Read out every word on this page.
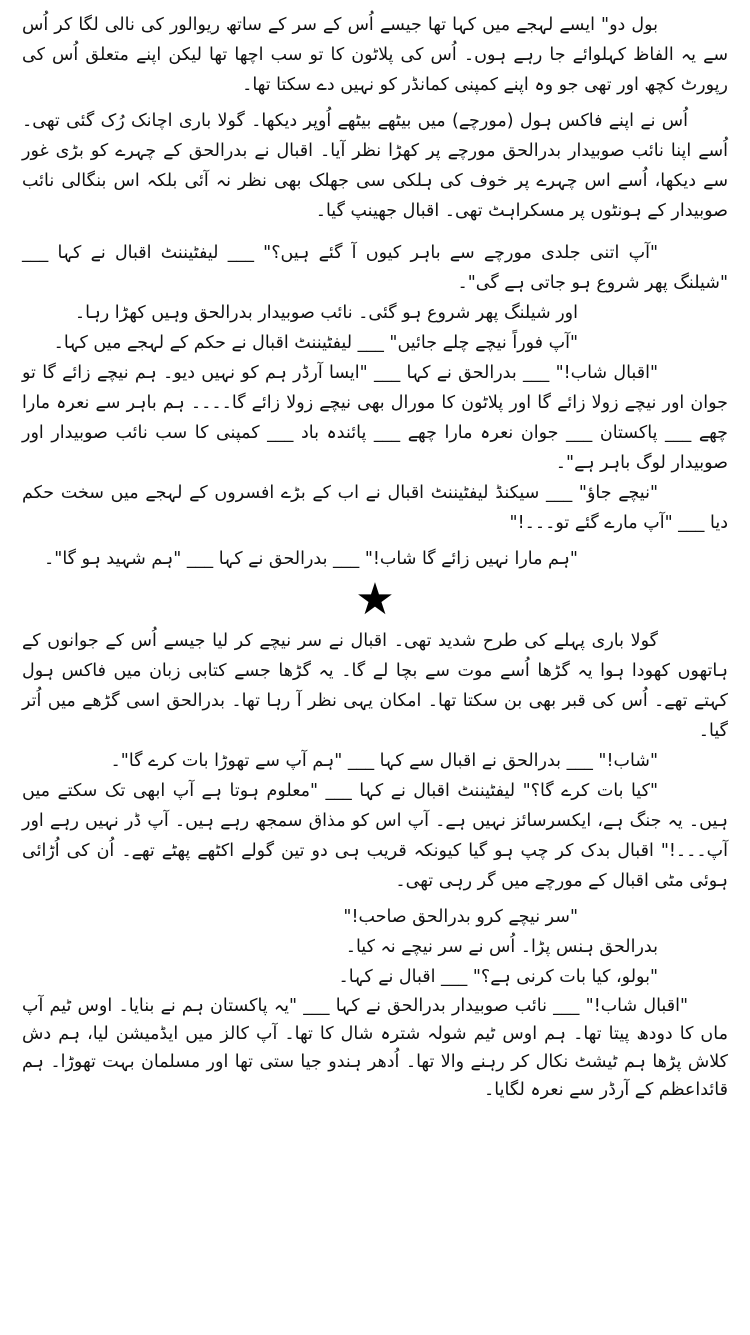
بول دو" ایسے لہجے میں کہا تھا جیسے اُس کے سر کے ساتھ ریوالور کی نالی لگا کر اُس سے یہ الفاظ کہلوائے جا رہے ہوں۔ اُس کی پلاٹون کا تو سب اچھا تھا لیکن اپنے متعلق اُس کی رپورٹ کچھ اور تھی جو وہ اپنے کمپنی کمانڈر کو نہیں دے سکتا تھا۔

اُس نے اپنے فاکس ہول (مورچے) میں بیٹھے بیٹھے اُوپر دیکھا۔ گولا باری اچانک رُک گئی تھی۔ اُسے اپنا نائب صوبیدار بدرالحق مورچے پر کھڑا نظر آیا۔ اقبال نے بدرالحق کے چہرے کو بڑی غور سے دیکھا، اُسے اس چہرے پر خوف کی ہلکی سی جھلک بھی نظر نہ آئی بلکہ اس بنگالی نائب صوبیدار کے ہونٹوں پر مسکراہٹ تھی۔ اقبال جھینپ گیا۔

"آپ اتنی جلدی مورچے سے باہر کیوں آ گئے ہیں؟" ___ لیفٹیننٹ اقبال نے کہا ___ "شیلنگ پھر شروع ہو جاتی ہے گی"۔

اور شیلنگ پھر شروع ہو گئی۔ نائب صوبیدار بدرالحق وہیں کھڑا رہا۔

"آپ فوراً نیچے چلے جائیں" ___ لیفٹیننٹ اقبال نے حکم کے لہجے میں کہا۔

"اقبال شاب!" ___ بدرالحق نے کہا ___ "ایسا آرڈر ہم کو نہیں دیو۔ ہم نیچے زائے گا تو جوان اور نیچے زولا زائے گا اور پلاٹون کا مورال بھی نیچے زولا زائے گا۔۔۔۔ ہم باہر سے نعرہ مارا چھے ___ پاکستان ___ جوان نعرہ مارا چھے ___ پائندہ باد ___ کمپنی کا سب نائب صوبیدار اور صوبیدار لوگ باہر ہے"۔

"نیچے جاؤ" ___ سیکنڈ لیفٹیننٹ اقبال نے اب کے بڑے افسروں کے لہجے میں سخت حکم دیا ___ "آپ مارے گئے تو۔۔۔!"

"ہم مارا نہیں زائے گا شاب!" ___ بدرالحق نے کہا ___ "ہم شہید ہو گا"۔

★

گولا باری پہلے کی طرح شدید تھی۔ اقبال نے سر نیچے کر لیا جیسے اُس کے جوانوں کے ہاتھوں کھودا ہوا یہ گڑھا اُسے موت سے بچا لے گا۔ یہ گڑھا جسے کتابی زبان میں فاکس ہول کہتے تھے۔ اُس کی قبر بھی بن سکتا تھا۔ امکان یہی نظر آ رہا تھا۔ بدرالحق اسی گڑھے میں اُتر گیا۔

"شاب!" ___ بدرالحق نے اقبال سے کہا ___ "ہم آپ سے تھوڑا بات کرے گا"۔

"کیا بات کرے گا؟" لیفٹیننٹ اقبال نے کہا ___ "معلوم ہوتا ہے آپ ابھی تک سکتے میں ہیں۔ یہ جنگ ہے، ایکسرسائز نہیں ہے۔ آپ اس کو مذاق سمجھ رہے ہیں۔ آپ ڈر نہیں رہے اور آپ۔۔۔!" اقبال بدک کر چپ ہو گیا کیونکہ قریب ہی دو تین گولے اکٹھے پھٹے تھے۔ اُن کی اُڑائی ہوئی مٹی اقبال کے مورچے میں گر رہی تھی۔

"سر نیچے کرو بدرالحق صاحب!"

بدرالحق ہنس پڑا۔ اُس نے سر نیچے نہ کیا۔

"بولو، کیا بات کرنی ہے؟" ___ اقبال نے کہا۔

"اقبال شاب!" ___ نائب صوبیدار بدرالحق نے کہا ___ "یہ پاکستان ہم نے بنایا۔ اوس ٹیم آپ ماں کا دودھ پیتا تھا۔ ہم اوس ٹیم شولہ شترہ شال کا تھا۔ آپ کالز میں ایڈمیشن لیا، ہم دش کلاش پڑھا ہم ٹیشٹ نکال کر رہنے والا تھا۔ اُدھر ہندو جیا ستی تھا اور مسلمان بہت تھوڑا۔ ہم قائداعظم کے آرڈر سے نعرہ لگایا۔
